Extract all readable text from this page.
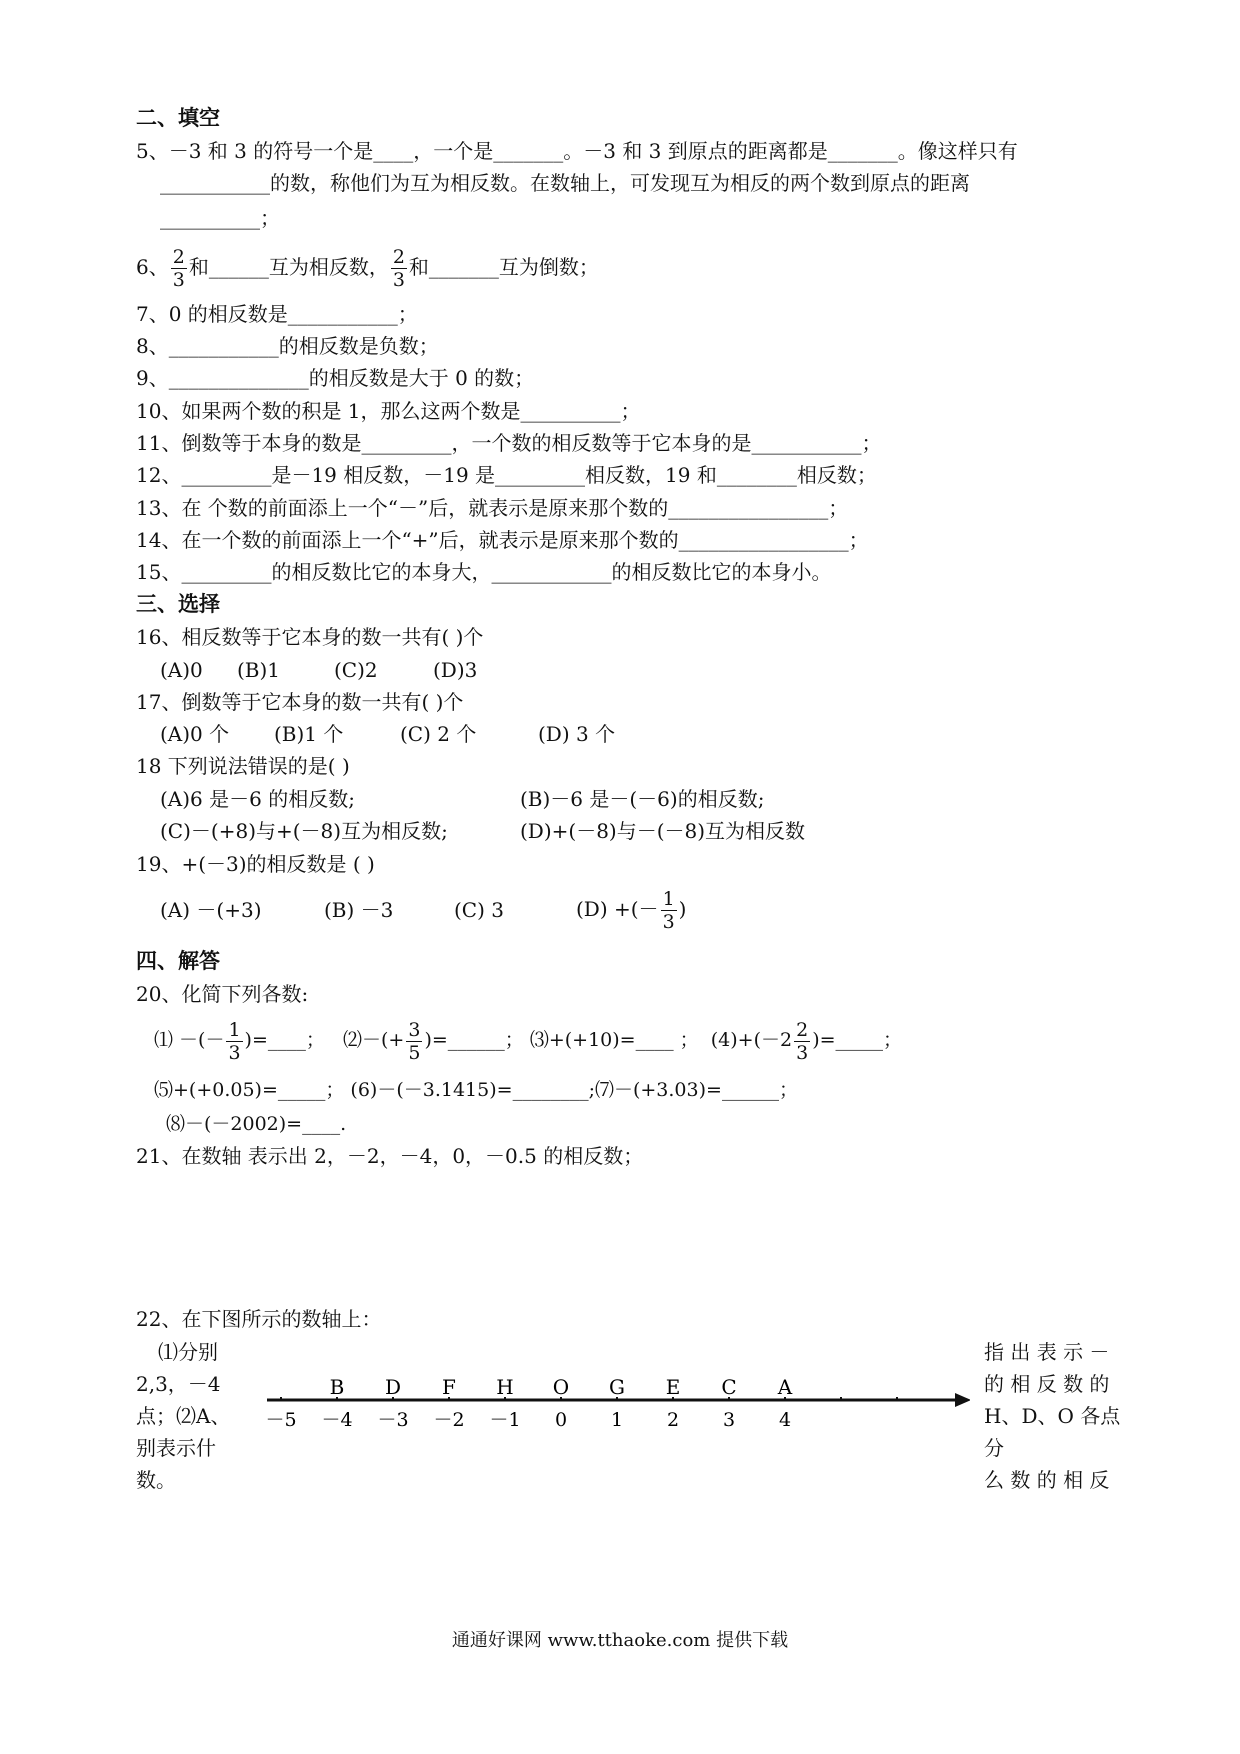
二、填空
5、－3 和 3 的符号一个是____，一个是_______。－3 和 3 到原点的距离都是_______。像这样只有
___________的数，称他们为互为相反数。在数轴上，可发现互为相反的两个数到原点的距离
__________；
6、 $\frac{2}{3}$ 和______互为相反数， $\frac{2}{3}$ 和_______互为倒数；
7、0 的相反数是___________；
8、___________的相反数是负数；
9、______________的相反数是大于 0 的数；
10、如果两个数的积是 1，那么这两个数是__________；
11、倒数等于本身的数是_________，一个数的相反数等于它本身的是___________；
12、_________是－19 相反数，－19 是_________相反数，19 和________相反数；
13、在 个数的前面添上一个“－”后，就表示是原来那个数的________________；
14、在一个数的前面添上一个“+”后，就表示是原来那个数的_________________；
15、_________的相反数比它的本身大，____________的相反数比它的本身小。
三、选择
16、相反数等于它本身的数一共有( )个
(A)0 (B)1	(C)2	(D)3
17、倒数等于它本身的数一共有( )个
(A)0 个 (B)1 个	(C) 2 个	(D) 3 个
18 下列说法错误的是( )
(A)6 是－6 的相反数;	(B)－6 是－(－6)的相反数;
(C)－(+8)与+(－8)互为相反数;	(D)+(－8)与－(－8)互为相反数
19、+(－3)的相反数是 ( )
(A) －(+3)	(B) －3	(C) 3	(D) +(－ $\frac{1}{3}$ )
四、解答
20、化简下列各数:
⑴ －(－ $\frac{1}{3}$ )=____； ⑵－(+ $\frac{3}{5}$ )=______； ⑶+(+10)=____ ； $(4)+(-2 \frac{2}{3}$ )=_____；
⑸+(+0.05)=_____； (6)－(－3.1415)=________;⑺－(+3.03)=______；
⑻－(－2002)=____.
21、在数轴 表示出 2，－2，－4，0，－0.5 的相反数；
22、在下图所示的数轴上：
⑴分别
2,3，－4
点；⑵A、
别表示什
数。
指 出 表 示 －
的 相 反 数 的
H、D、O 各点分
么 数 的 相 反
－5 －4 －3 －2 －1 0 1 2 3 4
B D F H O G E C A
通通好课网 www.tthaoke.com 提供下载
